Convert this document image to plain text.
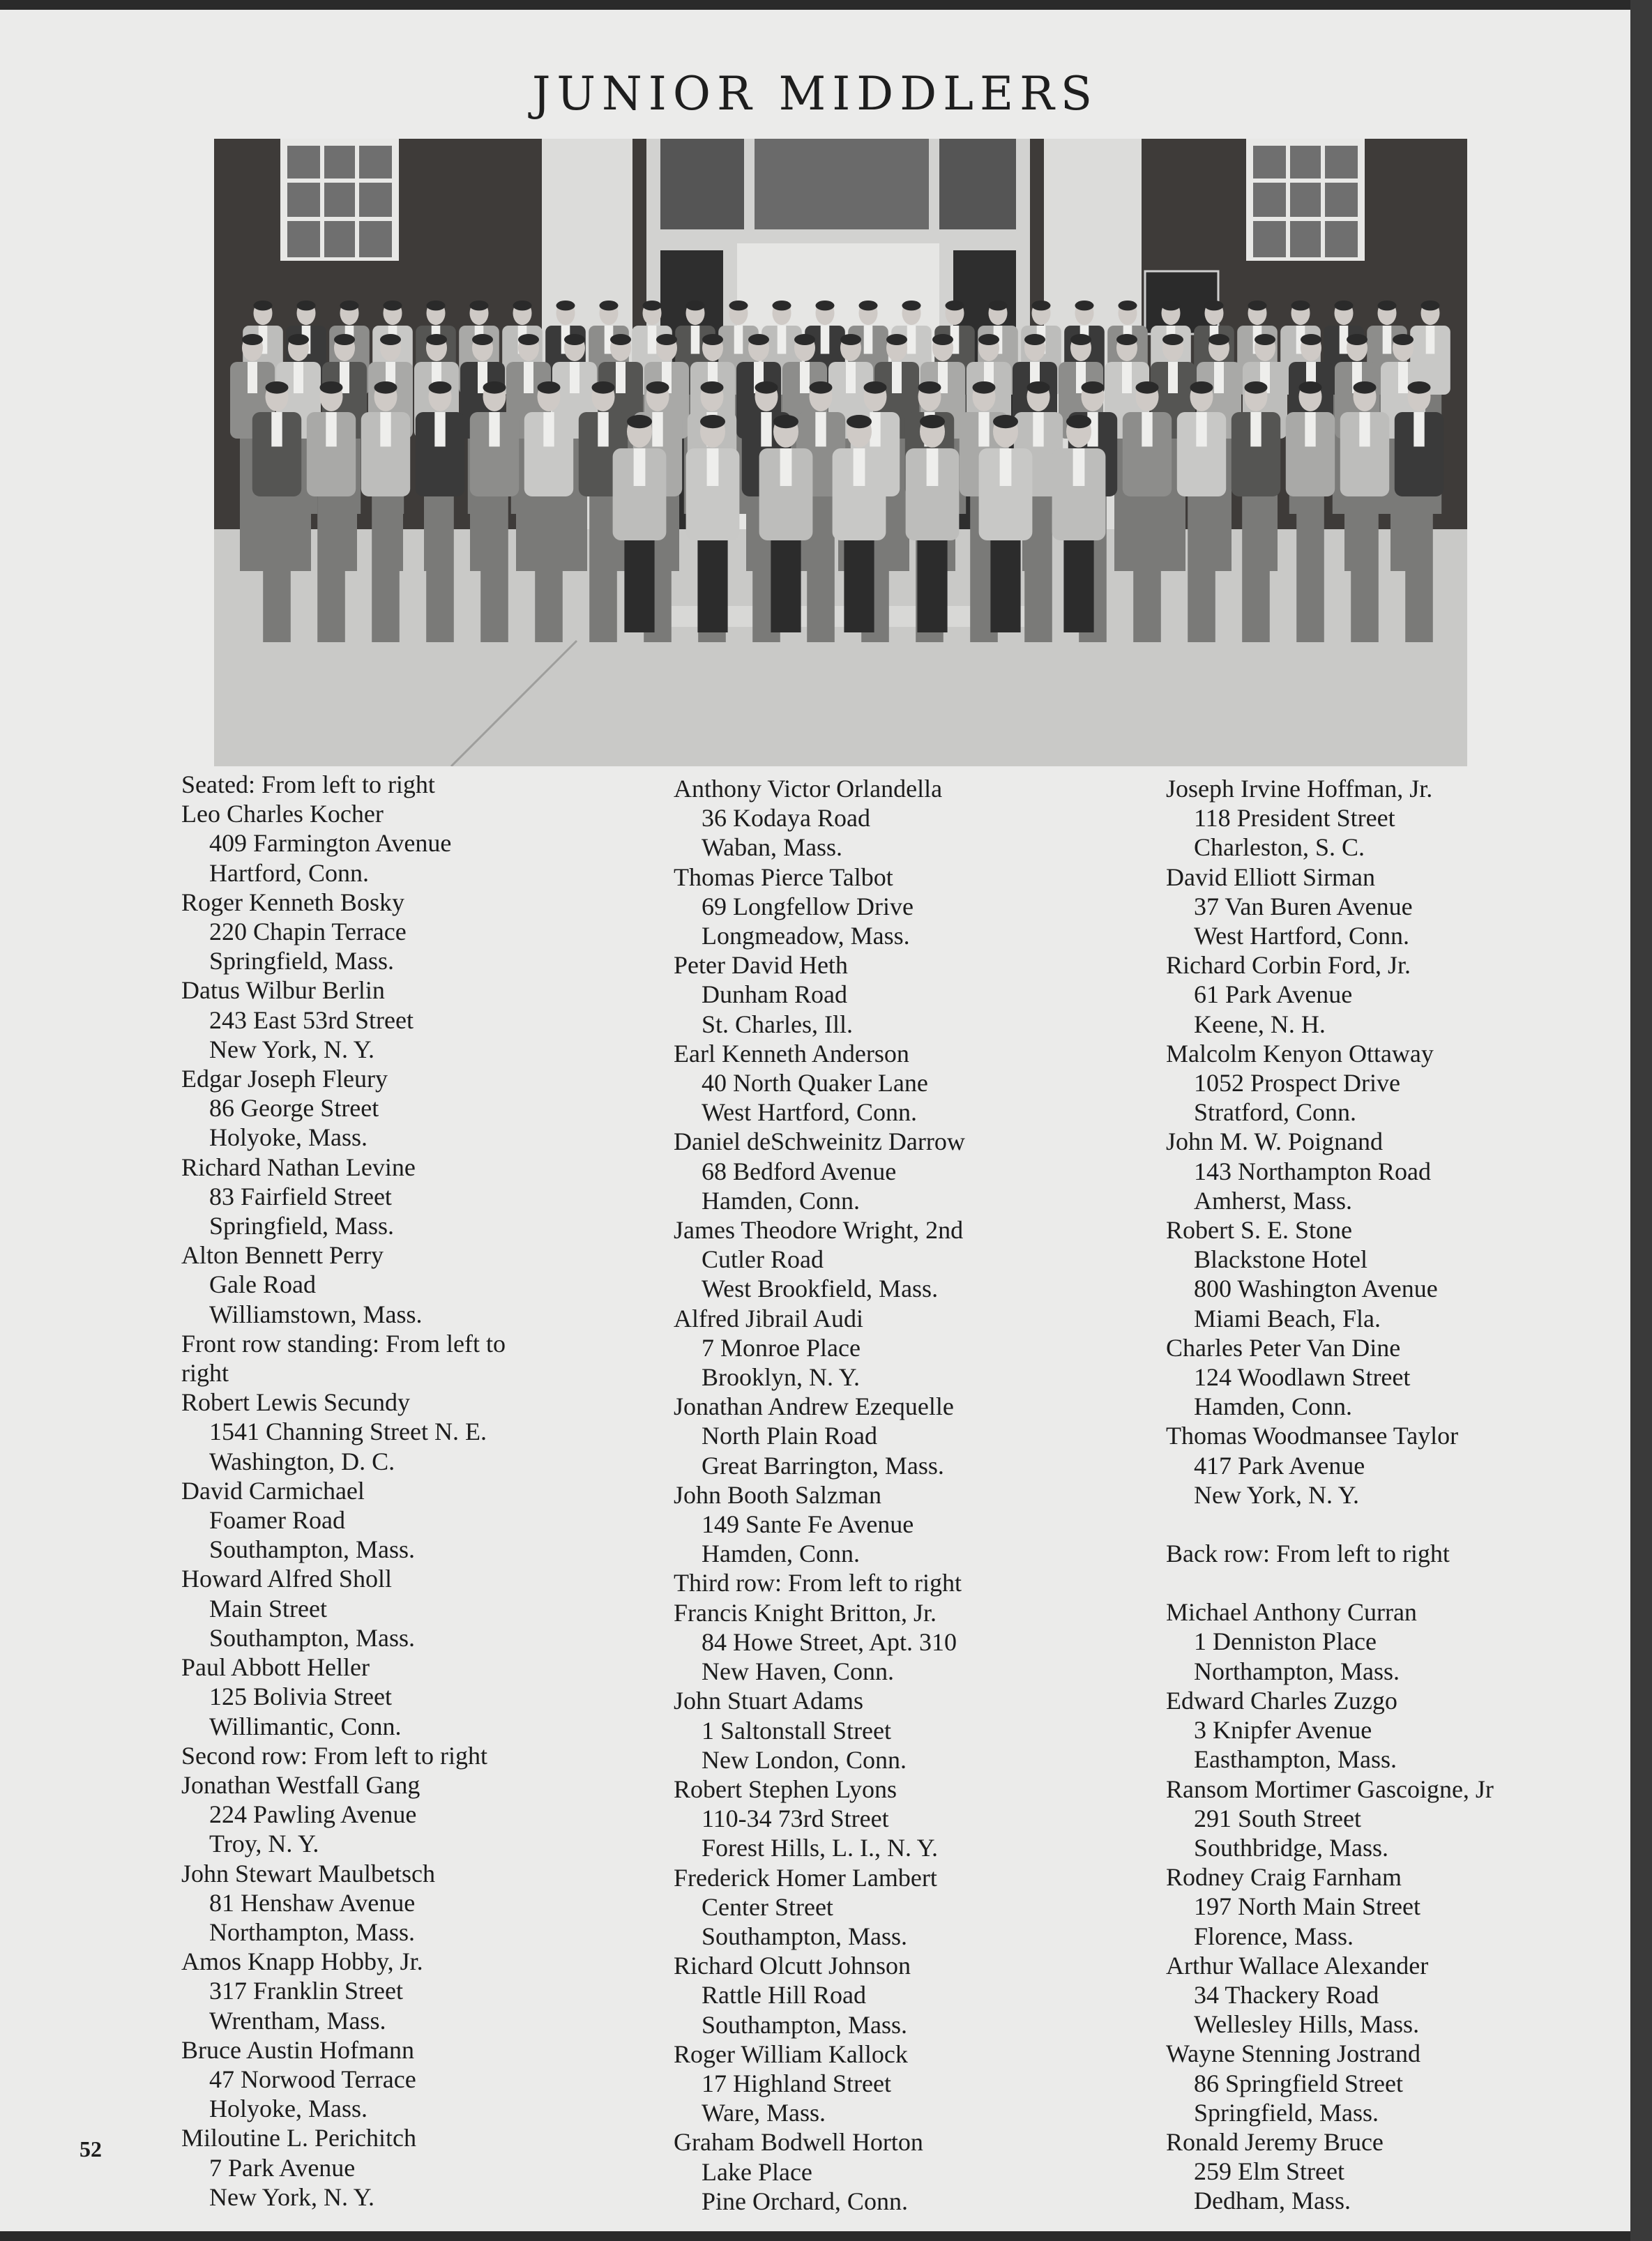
JUNIOR MIDDLERS
Seated: From left to right
Leo Charles Kocher
409 Farmington Avenue
Hartford, Conn.
Roger Kenneth Bosky
220 Chapin Terrace
Springfield, Mass.
Datus Wilbur Berlin
243 East 53rd Street
New York, N. Y.
Edgar Joseph Fleury
86 George Street
Holyoke, Mass.
Richard Nathan Levine
83 Fairfield Street
Springfield, Mass.
Alton Bennett Perry
Gale Road
Williamstown, Mass.
Front row standing: From left to
right
Robert Lewis Secundy
1541 Channing Street N. E.
Washington, D. C.
David Carmichael
Foamer Road
Southampton, Mass.
Howard Alfred Sholl
Main Street
Southampton, Mass.
Paul Abbott Heller
125 Bolivia Street
Willimantic, Conn.
Second row: From left to right
Jonathan Westfall Gang
224 Pawling Avenue
Troy, N. Y.
John Stewart Maulbetsch
81 Henshaw Avenue
Northampton, Mass.
Amos Knapp Hobby, Jr.
317 Franklin Street
Wrentham, Mass.
Bruce Austin Hofmann
47 Norwood Terrace
Holyoke, Mass.
Miloutine L. Perichitch
7 Park Avenue
New York, N. Y.
Anthony Victor Orlandella
36 Kodaya Road
Waban, Mass.
Thomas Pierce Talbot
69 Longfellow Drive
Longmeadow, Mass.
Peter David Heth
Dunham Road
St. Charles, Ill.
Earl Kenneth Anderson
40 North Quaker Lane
West Hartford, Conn.
Daniel deSchweinitz Darrow
68 Bedford Avenue
Hamden, Conn.
James Theodore Wright, 2nd
Cutler Road
West Brookfield, Mass.
Alfred Jibrail Audi
7 Monroe Place
Brooklyn, N. Y.
Jonathan Andrew Ezequelle
North Plain Road
Great Barrington, Mass.
John Booth Salzman
149 Sante Fe Avenue
Hamden, Conn.
Third row: From left to right
Francis Knight Britton, Jr.
84 Howe Street, Apt. 310
New Haven, Conn.
John Stuart Adams
1 Saltonstall Street
New London, Conn.
Robert Stephen Lyons
110-34 73rd Street
Forest Hills, L. I., N. Y.
Frederick Homer Lambert
Center Street
Southampton, Mass.
Richard Olcutt Johnson
Rattle Hill Road
Southampton, Mass.
Roger William Kallock
17 Highland Street
Ware, Mass.
Graham Bodwell Horton
Lake Place
Pine Orchard, Conn.
Joseph Irvine Hoffman, Jr.
118 President Street
Charleston, S. C.
David Elliott Sirman
37 Van Buren Avenue
West Hartford, Conn.
Richard Corbin Ford, Jr.
61 Park Avenue
Keene, N. H.
Malcolm Kenyon Ottaway
1052 Prospect Drive
Stratford, Conn.
John M. W. Poignand
143 Northampton Road
Amherst, Mass.
Robert S. E. Stone
Blackstone Hotel
800 Washington Avenue
Miami Beach, Fla.
Charles Peter Van Dine
124 Woodlawn Street
Hamden, Conn.
Thomas Woodmansee Taylor
417 Park Avenue
New York, N. Y.
Back row: From left to right
Michael Anthony Curran
1 Denniston Place
Northampton, Mass.
Edward Charles Zuzgo
3 Knipfer Avenue
Easthampton, Mass.
Ransom Mortimer Gascoigne, Jr
291 South Street
Southbridge, Mass.
Rodney Craig Farnham
197 North Main Street
Florence, Mass.
Arthur Wallace Alexander
34 Thackery Road
Wellesley Hills, Mass.
Wayne Stenning Jostrand
86 Springfield Street
Springfield, Mass.
Ronald Jeremy Bruce
259 Elm Street
Dedham, Mass.
52
